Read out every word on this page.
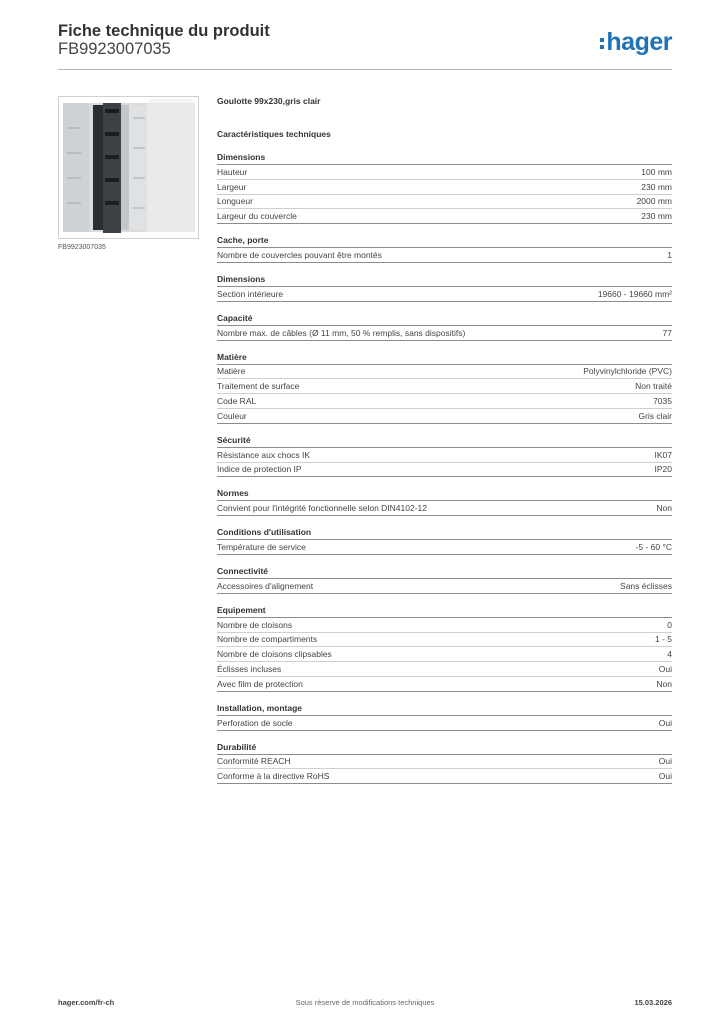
Fiche technique du produit
FB9923007035	hager
FB9923007035
Goulotte 99x230,gris clair
Caractéristiques techniques
Dimensions
Hauteur	100 mm
Largeur	230 mm
Longueur	2000 mm
Largeur du couvercle	230 mm
Cache, porte
Nombre de couvercles pouvant être montés	1
Dimensions
Section intérieure	19660 - 19660 mm²
Capacité
Nombre max. de câbles (Ø 11 mm, 50 % remplis, sans dispositifs)	77
Matière
Matière	Polyvinylchloride (PVC)
Traitement de surface	Non traité
Code RAL	7035
Couleur	Gris clair
Sécurité
Résistance aux chocs IK	IK07
Indice de protection IP	IP20
Normes
Convient pour l'intégrité fonctionnelle selon DIN4102-12	Non
Conditions d'utilisation
Température de service	-5 - 60 °C
Connectivité
Accessoires d'alignement	Sans éclisses
Equipement
Nombre de cloisons	0
Nombre de compartiments	1 - 5
Nombre de cloisons clipsables	4
Éclisses incluses	Oui
Avec film de protection	Non
Installation, montage
Perforation de socle	Oui
Durabilité
Conformité REACH	Oui
Conforme à la directive RoHS	Oui
hager.com/fr-ch	Sous réserve de modifications techniques	15.03.2026
